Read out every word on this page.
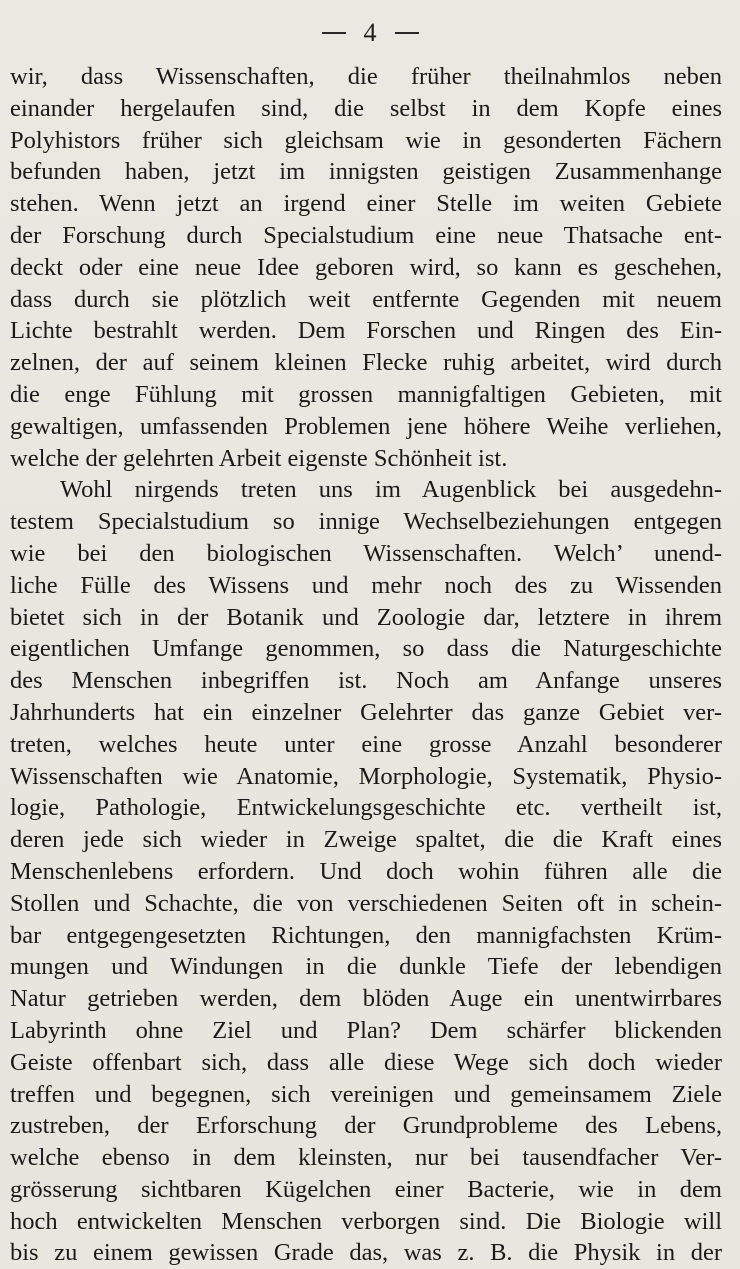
4
wir, dass Wissenschaften, die früher theilnahmlos neben
einander hergelaufen sind, die selbst in dem Kopfe eines
Polyhistors früher sich gleichsam wie in gesonderten Fächern
befunden haben, jetzt im innigsten geistigen Zusammenhange
stehen. Wenn jetzt an irgend einer Stelle im weiten Gebiete
der Forschung durch Specialstudium eine neue Thatsache ent-
deckt oder eine neue Idee geboren wird, so kann es geschehen,
dass durch sie plötzlich weit entfernte Gegenden mit neuem
Lichte bestrahlt werden. Dem Forschen und Ringen des Ein-
zelnen, der auf seinem kleinen Flecke ruhig arbeitet, wird durch
die enge Fühlung mit grossen mannigfaltigen Gebieten, mit
gewaltigen, umfassenden Problemen jene höhere Weihe verliehen,
welche der gelehrten Arbeit eigenste Schönheit ist.
Wohl nirgends treten uns im Augenblick bei ausgedehn-
testem Specialstudium so innige Wechselbeziehungen entgegen
wie bei den biologischen Wissenschaften. Welch’ unend-
liche Fülle des Wissens und mehr noch des zu Wissenden
bietet sich in der Botanik und Zoologie dar, letztere in ihrem
eigentlichen Umfange genommen, so dass die Naturgeschichte
des Menschen inbegriffen ist. Noch am Anfange unseres
Jahrhunderts hat ein einzelner Gelehrter das ganze Gebiet ver-
treten, welches heute unter eine grosse Anzahl besonderer
Wissenschaften wie Anatomie, Morphologie, Systematik, Physio-
logie, Pathologie, Entwickelungsgeschichte etc. vertheilt ist,
deren jede sich wieder in Zweige spaltet, die die Kraft eines
Menschenlebens erfordern. Und doch wohin führen alle die
Stollen und Schachte, die von verschiedenen Seiten oft in schein-
bar entgegengesetzten Richtungen, den mannigfachsten Krüm-
mungen und Windungen in die dunkle Tiefe der lebendigen
Natur getrieben werden, dem blöden Auge ein unentwirrbares
Labyrinth ohne Ziel und Plan? Dem schärfer blickenden
Geiste offenbart sich, dass alle diese Wege sich doch wieder
treffen und begegnen, sich vereinigen und gemeinsamem Ziele
zustreben, der Erforschung der Grundprobleme des Lebens,
welche ebenso in dem kleinsten, nur bei tausendfacher Ver-
grösserung sichtbaren Kügelchen einer Bacterie, wie in dem
hoch entwickelten Menschen verborgen sind. Die Biologie will
bis zu einem gewissen Grade das, was z. B. die Physik in der
